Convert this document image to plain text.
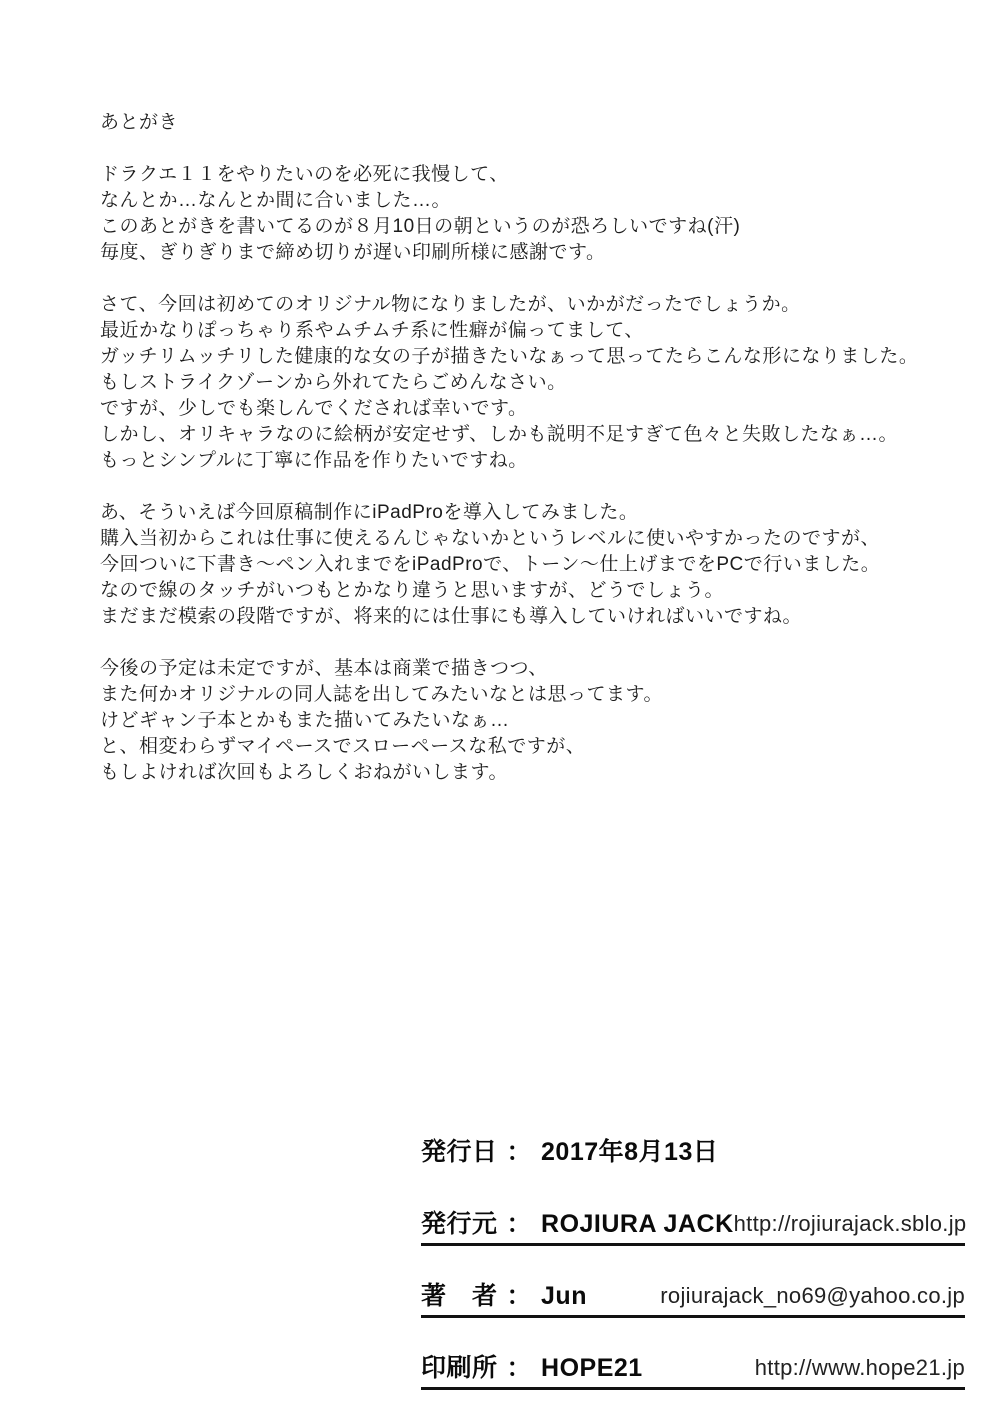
あとがき
ドラクエ１１をやりたいのを必死に我慢して、
なんとか…なんとか間に合いました…。
このあとがきを書いてるのが８月10日の朝というのが恐ろしいですね(汗)
毎度、ぎりぎりまで締め切りが遅い印刷所様に感謝です。
さて、今回は初めてのオリジナル物になりましたが、いかがだったでしょうか。
最近かなりぽっちゃり系やムチムチ系に性癖が偏ってまして、
ガッチリムッチリした健康的な女の子が描きたいなぁって思ってたらこんな形になりました。
もしストライクゾーンから外れてたらごめんなさい。
ですが、少しでも楽しんでくだされば幸いです。
しかし、オリキャラなのに絵柄が安定せず、しかも説明不足すぎて色々と失敗したなぁ…。
もっとシンプルに丁寧に作品を作りたいですね。
あ、そういえば今回原稿制作にiPadProを導入してみました。
購入当初からこれは仕事に使えるんじゃないかというレベルに使いやすかったのですが、
今回ついに下書き〜ペン入れまでをiPadProで、トーン〜仕上げまでをPCで行いました。
なので線のタッチがいつもとかなり違うと思いますが、どうでしょう。
まだまだ模索の段階ですが、将来的には仕事にも導入していければいいですね。
今後の予定は未定ですが、基本は商業で描きつつ、
また何かオリジナルの同人誌を出してみたいなとは思ってます。
けどギャン子本とかもまた描いてみたいなぁ…
と、相変わらずマイペースでスローペースな私ですが、
もしよければ次回もよろしくおねがいします。
発行日 ： 2017年8月13日
発行元 ： ROJIURA JACK http://rojiurajack.sblo.jp
著　者 ： Jun	rojiurajack_no69@yahoo.co.jp
印刷所 ： HOPE21	http://www.hope21.jp
